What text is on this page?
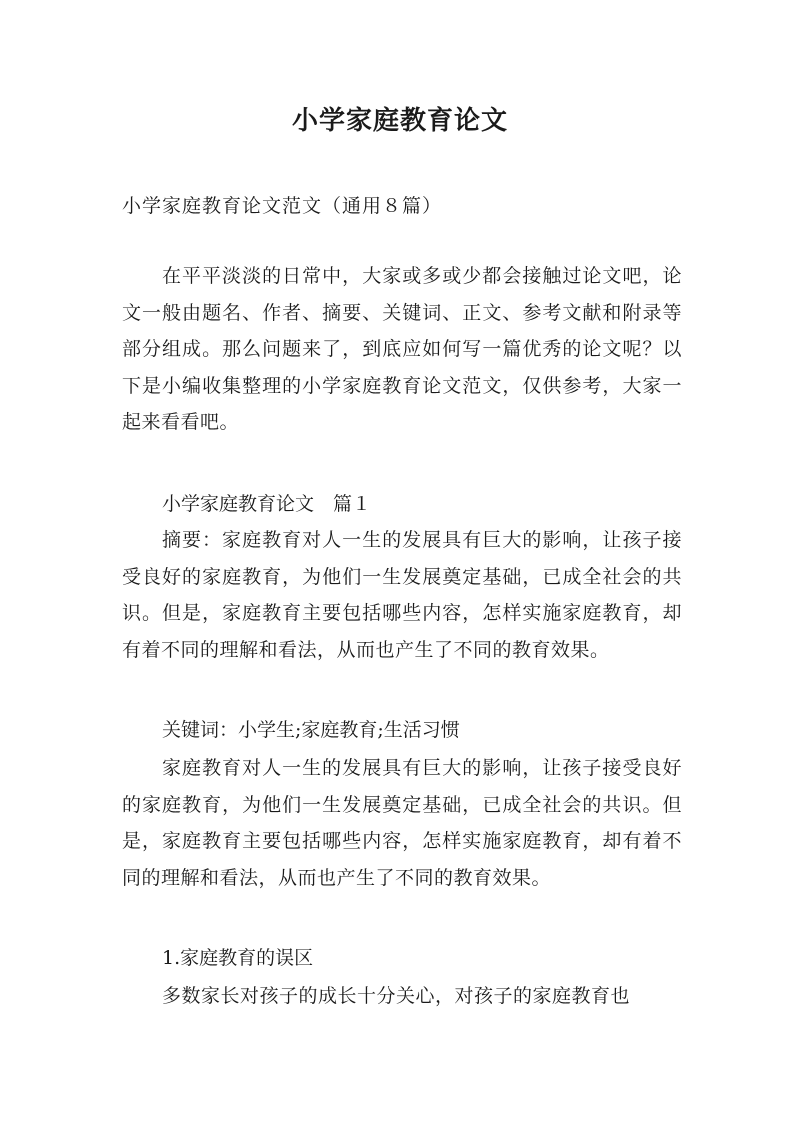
小学家庭教育论文
小学家庭教育论文范文（通用８篇）

在平平淡淡的日常中，大家或多或少都会接触过论文吧，论文一般由题名、作者、摘要、关键词、正文、参考文献和附录等部分组成。那么问题来了，到底应如何写一篇优秀的论文呢？以下是小编收集整理的小学家庭教育论文范文，仅供参考，大家一起来看看吧。

小学家庭教育论文　篇１

摘要：家庭教育对人一生的发展具有巨大的影响，让孩子接受良好的家庭教育，为他们一生发展奠定基础，已成全社会的共识。但是，家庭教育主要包括哪些内容，怎样实施家庭教育，却有着不同的理解和看法，从而也产生了不同的教育效果。

关键词：小学生;家庭教育;生活习惯

家庭教育对人一生的发展具有巨大的影响，让孩子接受良好的家庭教育，为他们一生发展奠定基础，已成全社会的共识。但是，家庭教育主要包括哪些内容，怎样实施家庭教育，却有着不同的理解和看法，从而也产生了不同的教育效果。

1.家庭教育的误区

多数家长对孩子的成长十分关心，对孩子的家庭教育也
